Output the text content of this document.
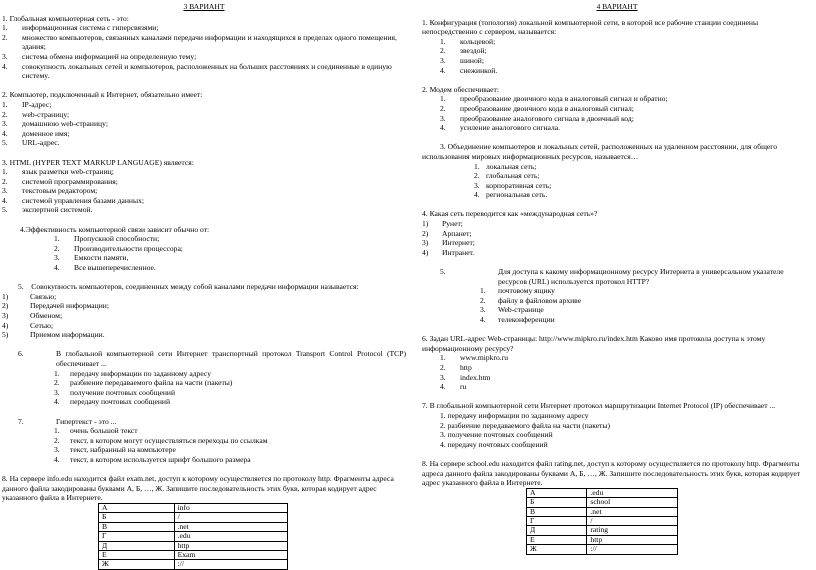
3 ВАРИАНТ

1. Глобальная компьютерная сеть - это:

1. информационная система с гиперсвязями;
2. множество компьютеров, связанных каналами передачи информации и находящихся в пределах одного помещения, здания;
3. система обмена информацией на определенную тему;
4. совокупность локальных сетей и компьютеров, расположенных на больших расстояниях и соединенные в единую систему.

2. Компьютер, подключенный к Интернет, обязательно имеет:

1. IP-адрес;
2. web-страницу;
3. домашнюю web-страницу;
4. доменное имя;
5. URL-адрес.

3. HTML (HYPER TEXT MARKUP LANGUAGE) является:

1. язык разметки web-страниц;
2. системой программирования;
3. текстовым редактором;
4. системой управления базами данных;
5. экспертной системой.

4.Эффективность компьютерной связи зависит обычно от:

1. Пропускной способности;
2. Производительности процессора;
3. Емкости памяти,
4. Все вышеперечисленное.

5.    Совокупность компьютеров, соединенных между собой каналами передачи информации называется:

1)	Связью;
2)	Передачей информации;
3)	Обменом;
4)	Сетью;
5)	Приемом информации.
6.	В глобальной компьютерной сети Интернет транспортный протокол Transport Control Protocol (TCP) обеспечивает ...
1. передачу информации по заданному адресу
2. разбиение передаваемого файла на части (пакеты)
3. получение почтовых сообщений
4. передачу почтовых сообщений
7.	Гипертекст - это ...
1. очень большой текст
2. текст, в котором могут осуществляться переходы по ссылкам
3. текст, набранный на компьютере
4. текст, в котором используется шрифт большого размера

8. На сервере info.edu находится файл exam.net, доступ к которому осуществляется по протоколу http. Фрагменты адреса данного файла закодированы буквами А, Б, …, Ж. Запишите последовательность этих букв, которая кодирует адрес указанного файла в Интернете.

А	info
Б	/
В	.net
Г	.edu
Д	http
Е	Exam
Ж	://
4 ВАРИАНТ

1. Конфигурация (топология) локальной компьютерной сети, в которой все рабочие станции соединены непосредственно с сервером, называется:

1. кольцевой;
2. звездой;
3. шиной;
4. снежинкой.

2. Модем обеспечивает:

1. преобразование двоичного кода в аналоговый сигнал и обратно;
2. преобразование двоичного кода в аналоговый сигнал;
3. преобразование аналогового сигнала в двоичный код;
4. усиление аналогового сигнала.

3. Объединение компьютеров и локальных сетей, расположенных на удаленном расстоянии, для общего использования мировых информационных ресурсов, называется…

1. локальная сеть;
2. глобальная сеть;
3. корпоративная сеть;
4. региональная сеть.

4. Какая сеть переводится как «международная сеть»?

1) Рунет;
2) Арпанет;
3) Интернет;
4) Интранет.
5.	Для доступа к какому информационному ресурсу Интернета в универсальном указателе ресурсов (URL) используется протокол HTTP?
1. почтовому ящику
2. файлу в файловом архиве
3. Web-странице
4. телеконференции

6. Задан URL-адрес Web-страницы: http://www.mipkro.ru/index.htm Каково имя протокола доступа к этому информационному ресурсу?

1. www.mipkro.ru
2. http
3. index.htm
4. ru

7. В глобальной компьютерной сети Интернет протокол маршрутизации Internet Protocol (IP) обеспечивает ...

1. передачу информации по заданному адресу
2. разбиение передаваемого файла на части (пакеты)
3. получение почтовых сообщений
4. передачу почтовых сообщений

8. На сервере school.edu находится файл rating.net, доступ к которому осуществляется по протоколу http. Фрагменты адреса данного файла закодированы буквами А, Б, …, Ж. Запишите последовательность этих букв, которая кодирует адрес указанного файла в Интернете.

А	.edu
Б	school
В	.net
Г	/
Д	rating
Е	http
Ж	://
